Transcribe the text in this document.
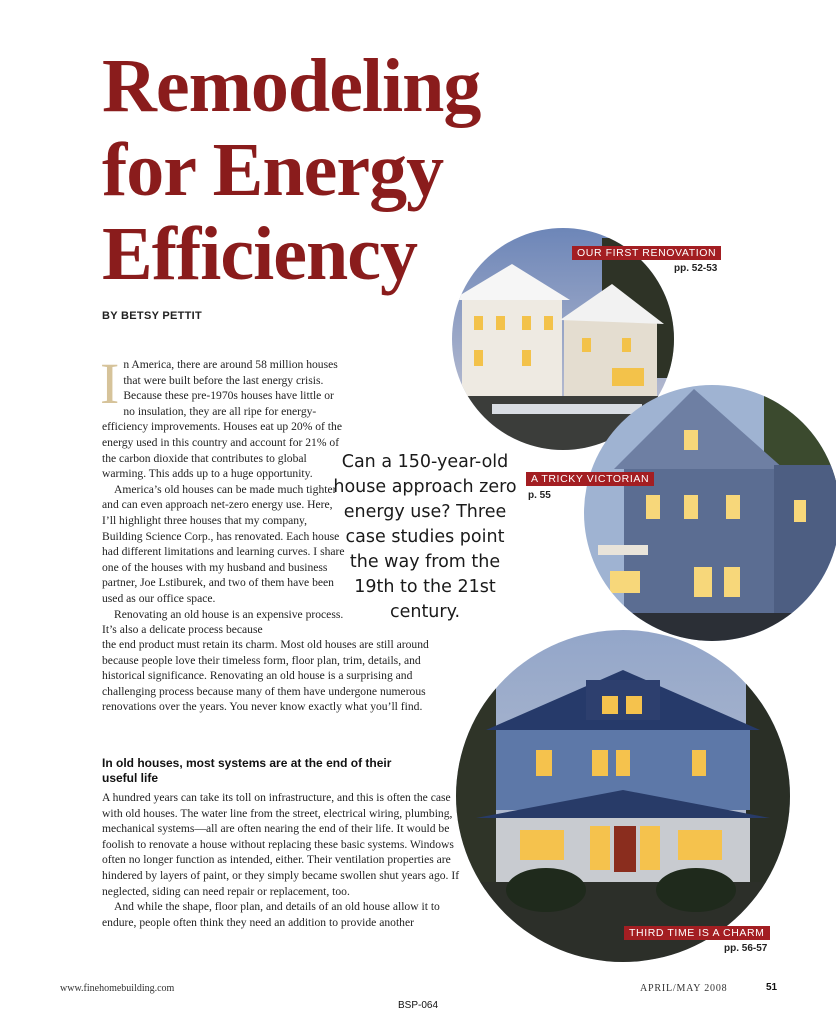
Remodeling
for Energy
Efficiency
BY BETSY PETTIT

I n America, there are around 58 million houses that were built before the last energy crisis. Because these pre-1970s houses have little or no insulation, they are all ripe for energy-efficiency improvements. Houses eat up 20% of the energy used in this country and account for 21% of the carbon dioxide that contributes to global warming. This adds up to a huge opportunity.

America’s old houses can be made much tighter and can even approach net-zero energy use. Here, I’ll highlight three houses that my company, Building Science Corp., has renovated. Each house had different limitations and learning curves. I share one of the houses with my husband and business partner, Joe Lstiburek, and two of them have been used as our office space.

Renovating an old house is an expensive process. It’s also a delicate process because

the end product must retain its charm. Most old houses are still around because people love their timeless form, floor plan, trim, details, and historical significance. Renovating an old house is a surprising and challenging process because many of them have undergone numerous renovations over the years. You never know exactly what you’ll find.

In old houses, most systems are at the end of their useful life

A hundred years can take its toll on infrastructure, and this is often the case with old houses. The water line from the street, electrical wiring, plumbing, mechanical systems—all are often nearing the end of their life. It would be foolish to renovate a house without replacing these basic systems. Windows often no longer function as intended, either. Their ventilation properties are hindered by layers of paint, or they simply became swollen shut years ago. If neglected, siding can need repair or replacement, too.

And while the shape, floor plan, and details of an old house allow it to endure, people often think they need an addition to provide another

Can a 150-year-old house approach zero energy use? Three case studies point the way from the 19th to the 21st century.
OUR FIRST RENOVATION
pp. 52-53
A TRICKY VICTORIAN
p. 55
THIRD TIME IS A CHARM
pp. 56-57
www.finehomebuilding.com	APRIL/MAY 2008	51
BSP-064
